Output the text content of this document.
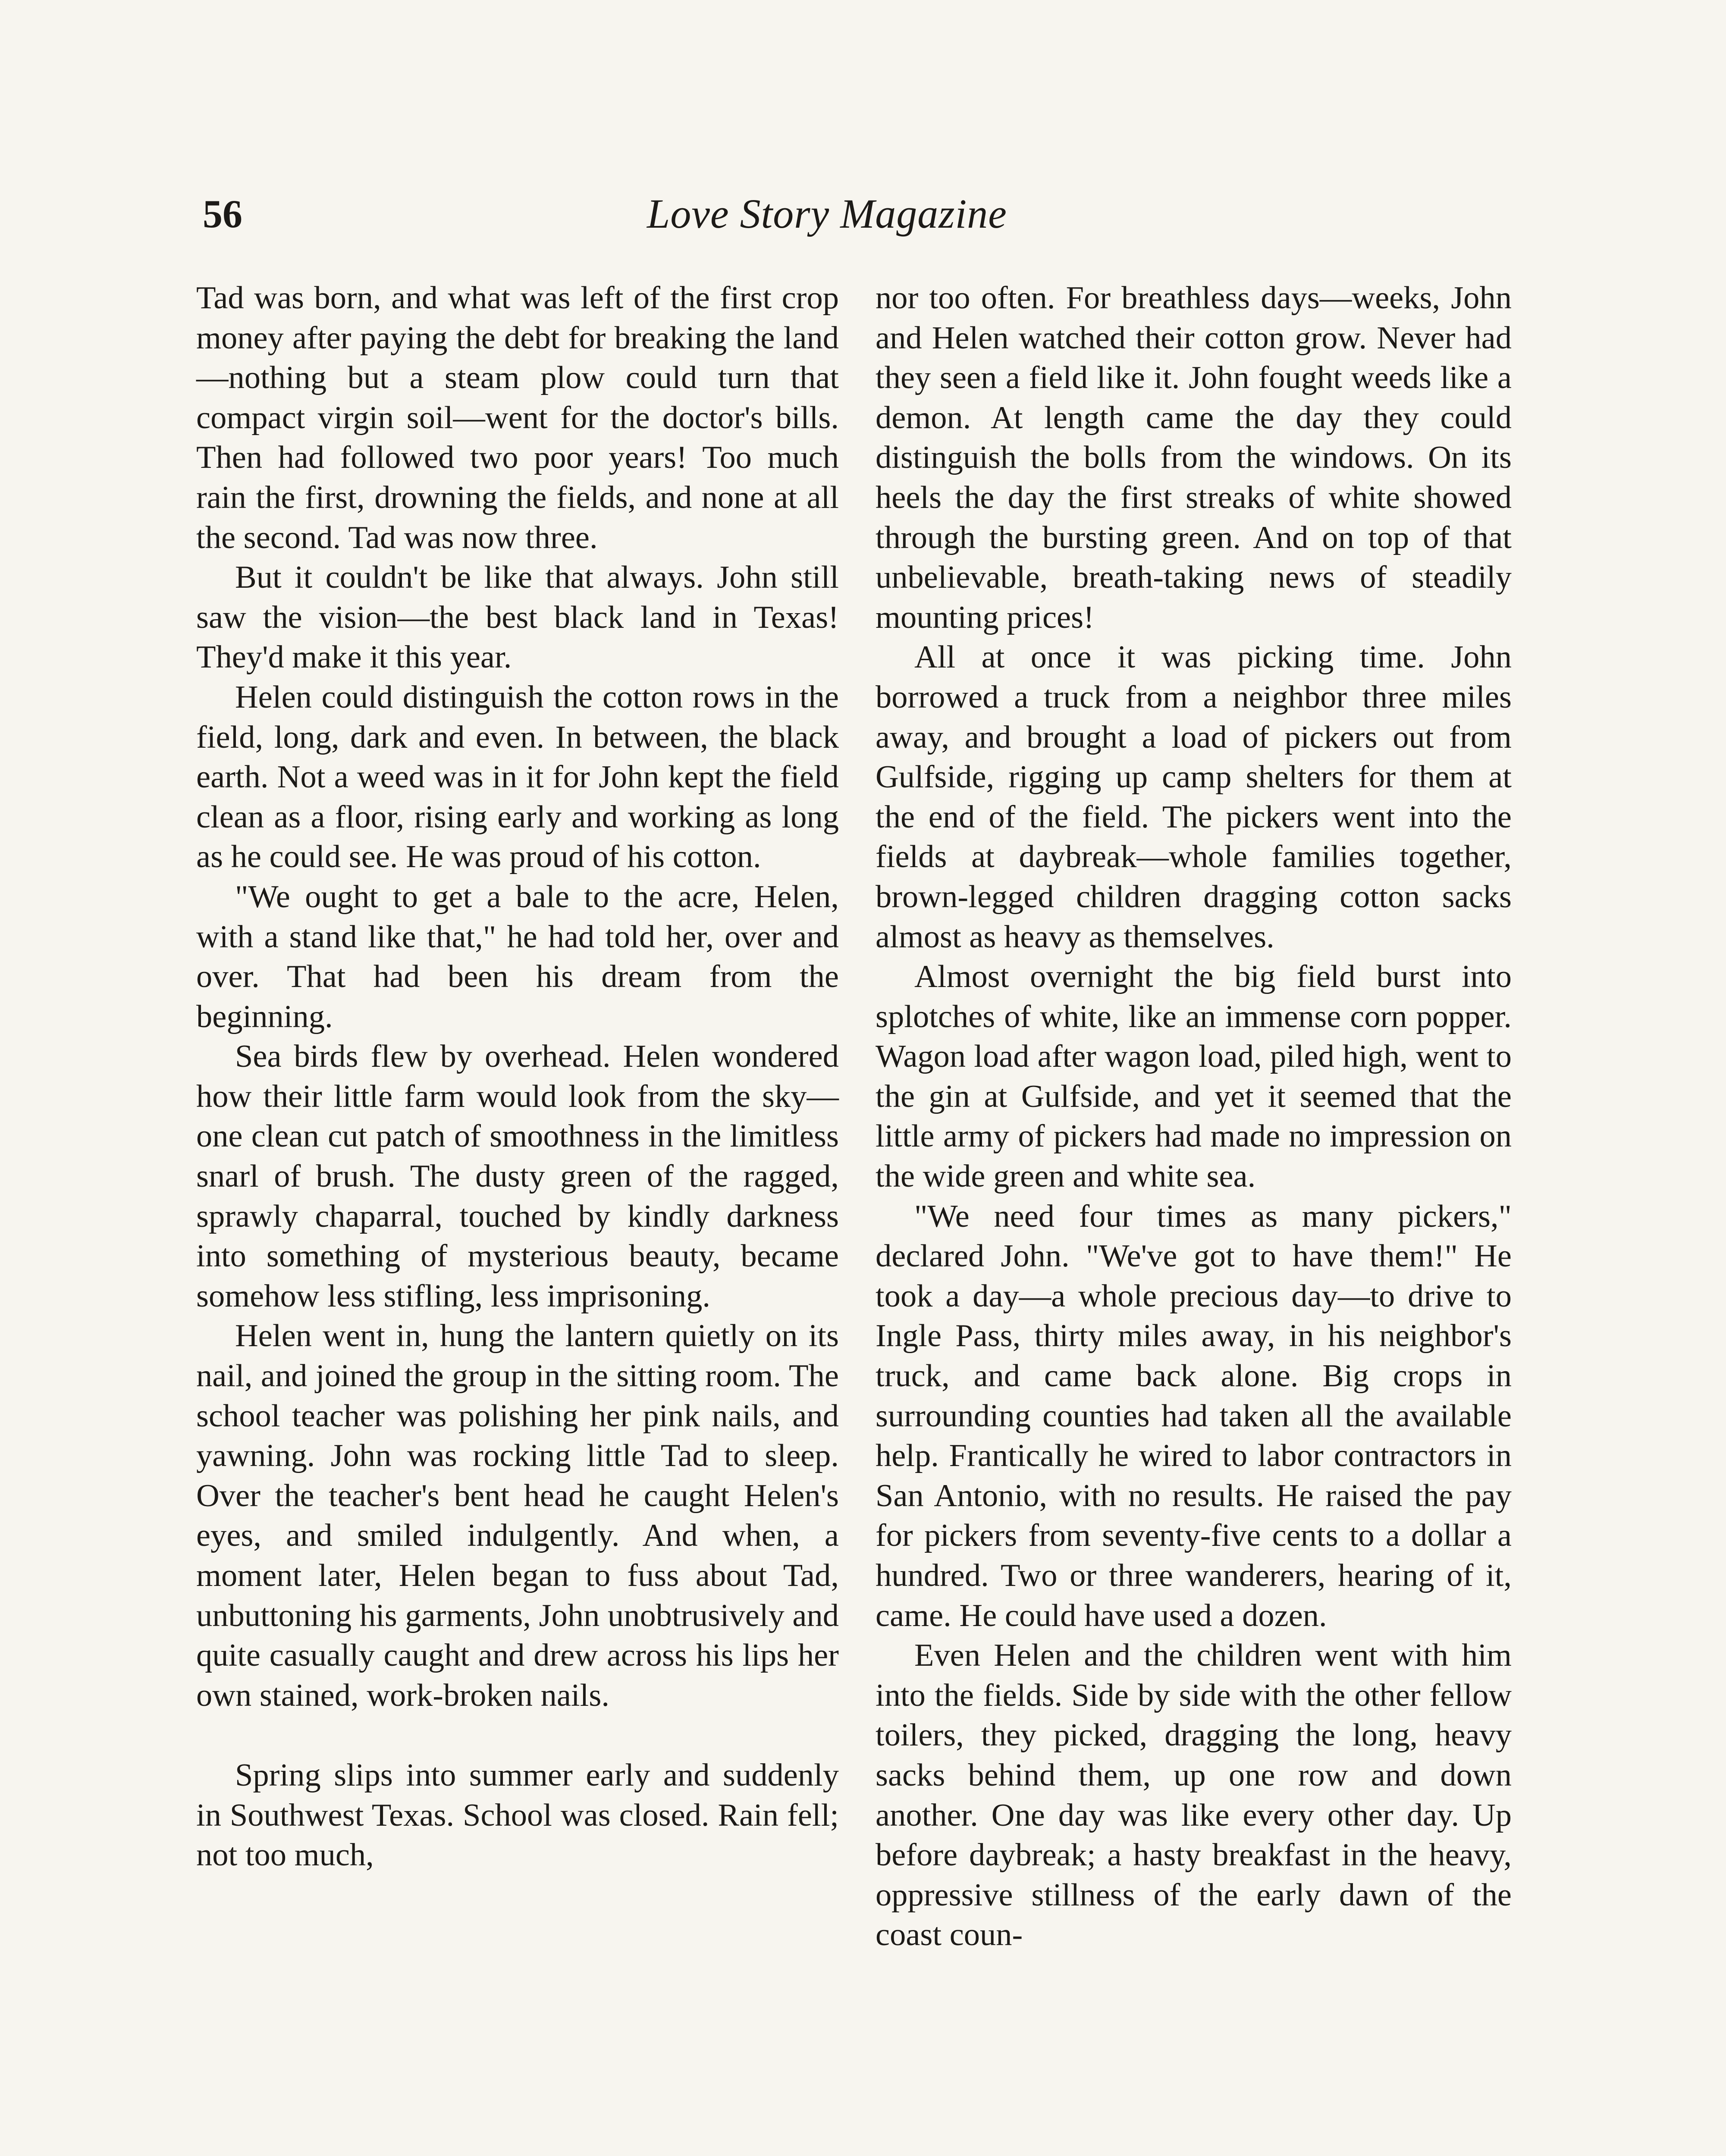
56	Love Story Magazine

Tad was born, and what was left of the first crop money after paying the debt for breaking the land—nothing but a steam plow could turn that compact virgin soil—went for the doctor's bills. Then had followed two poor years! Too much rain the first, drowning the fields, and none at all the second. Tad was now three.

But it couldn't be like that always. John still saw the vision—the best black land in Texas! They'd make it this year.

Helen could distinguish the cotton rows in the field, long, dark and even. In between, the black earth. Not a weed was in it for John kept the field clean as a floor, rising early and working as long as he could see. He was proud of his cotton.

"We ought to get a bale to the acre, Helen, with a stand like that," he had told her, over and over. That had been his dream from the beginning.

Sea birds flew by overhead. Helen wondered how their little farm would look from the sky—one clean cut patch of smoothness in the limitless snarl of brush. The dusty green of the ragged, sprawly chaparral, touched by kindly darkness into something of mysterious beauty, became somehow less stifling, less imprisoning.

Helen went in, hung the lantern quietly on its nail, and joined the group in the sitting room. The school teacher was polishing her pink nails, and yawning. John was rocking little Tad to sleep. Over the teacher's bent head he caught Helen's eyes, and smiled indulgently. And when, a moment later, Helen began to fuss about Tad, unbuttoning his garments, John unobtrusively and quite casually caught and drew across his lips her own stained, work-broken nails.

Spring slips into summer early and suddenly in Southwest Texas. School was closed. Rain fell; not too much,

nor too often. For breathless days—weeks, John and Helen watched their cotton grow. Never had they seen a field like it. John fought weeds like a demon. At length came the day they could distinguish the bolls from the windows. On its heels the day the first streaks of white showed through the bursting green. And on top of that unbelievable, breath-taking news of steadily mounting prices!

All at once it was picking time. John borrowed a truck from a neighbor three miles away, and brought a load of pickers out from Gulfside, rigging up camp shelters for them at the end of the field. The pickers went into the fields at daybreak—whole families together, brown-legged children dragging cotton sacks almost as heavy as themselves.

Almost overnight the big field burst into splotches of white, like an immense corn popper. Wagon load after wagon load, piled high, went to the gin at Gulfside, and yet it seemed that the little army of pickers had made no impression on the wide green and white sea.

"We need four times as many pickers," declared John. "We've got to have them!" He took a day—a whole precious day—to drive to Ingle Pass, thirty miles away, in his neighbor's truck, and came back alone. Big crops in surrounding counties had taken all the available help. Frantically he wired to labor contractors in San Antonio, with no results. He raised the pay for pickers from seventy-five cents to a dollar a hundred. Two or three wanderers, hearing of it, came. He could have used a dozen.

Even Helen and the children went with him into the fields. Side by side with the other fellow toilers, they picked, dragging the long, heavy sacks behind them, up one row and down another. One day was like every other day. Up before daybreak; a hasty breakfast in the heavy, oppressive stillness of the early dawn of the coast coun-
